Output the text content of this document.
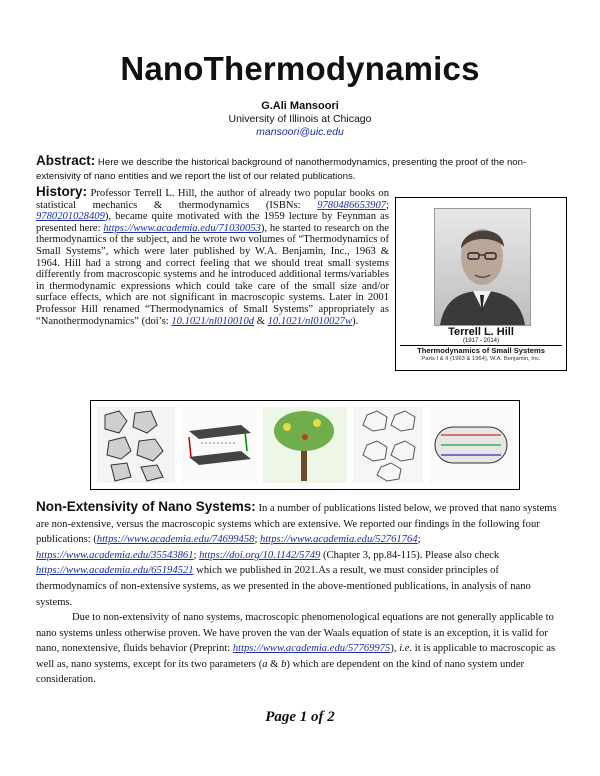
NanoThermodynamics
G.Ali Mansoori
University of Illinois at Chicago
mansoori@uic.edu
Abstract: Here we describe the historical background of nanothermodynamics, presenting the proof of the non-extensivity of nano entities and we report the list of our related publications.
History: Professor Terrell L. Hill, the author of already two popular books on statistical mechanics & thermodynamics (ISBNs: 9780486653907; 9780201028409), became quite motivated with the 1959 lecture by Feynman as presented here: https://www.academia.edu/71030053), he started to research on the thermodynamics of the subject, and he wrote two volumes of “Thermodynamics of Small Systems”, which were later published by W.A. Benjamin, Inc., 1963 & 1964. Hill had a strong and correct feeling that we should treat small systems differently from macroscopic systems and he introduced additional terms/variables in thermodynamic expressions which could take care of the small size and/or surface effects, which are not significant in macroscopic systems. Later in 2001 Professor Hill renamed “Thermodynamics of Small Systems” appropriately as “Nanothermodynamics” (doi’s: 10.1021/nl010010d & 10.1021/nl010027w).
Terrell L. Hill
(1917 - 2014)
Thermodynamics of Small Systems
Parts I & II (1963 & 1964), W.A. Benjamin, Inc.
Non-Extensivity of Nano Systems: In a number of publications listed below, we proved that nano systems are non-extensive, versus the macroscopic systems which are extensive. We reported our findings in the following four publications: (https://www.academia.edu/74699458; https://www.academia.edu/52761764; https://www.academia.edu/35543861; https://doi.org/10.1142/5749 (Chapter 3, pp.84-115). Please also check https://www.academia.edu/65194521 which we published in 2021.As a result, we must consider principles of thermodynamics of non-extensive systems, as we presented in the above-mentioned publications, in analysis of nano systems.
Due to non-extensivity of nano systems, macroscopic phenomenological equations are not generally applicable to nano systems unless otherwise proven. We have proven the van der Waals equation of state is an exception, it is valid for nano, nonextensive, fluids behavior (Preprint: https://www.academia.edu/57769975), i.e. it is applicable to macroscopic as well as, nano systems, except for its two parameters (a & b) which are dependent on the kind of nano system under consideration.
Page 1 of 2
